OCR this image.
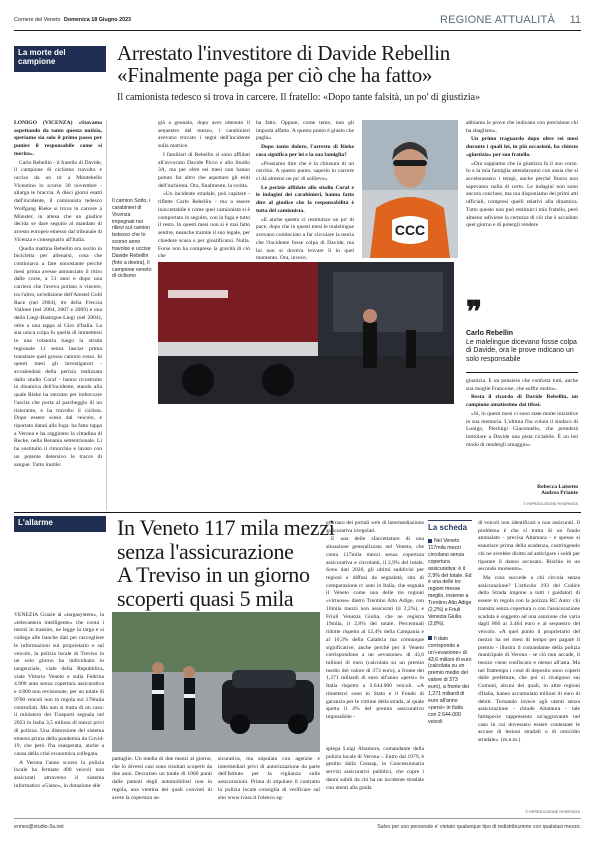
Corriere del Veneto Domenica 18 Giugno 2023	REGIONE ATTUALITÀ 11
La morte del campione	Arrestato l'investitore di Davide Rebellin
«Finalmente paga per ciò che ha fatto»
Il camionista tedesco si trova in carcere. Il fratello: «Dopo tante falsità, un po' di giustizia»

LONIGO (VICENZA) «Stavamo aspettando da tanto questa notizia, speriamo sia solo il primo passo per punire il responsabile come si merita».

Carlo Rebellin - il fratello di Davide, il campione di ciclismo travolto e ucciso da un tir a Montebello Vicentino lo scorso 30 novembre - allarga le braccia. A dieci giorni esatti dall'incidente, il camionista tedesco Wolfgang Rieke si trova in carcere a Münster, in attesa che un giudice decida se dare seguito al mandato di arresto europeo emesso dal tribunale di Vicenza e consegnarlo all'Italia.

Quella mattina Rebellin era uscito in bicicletta per allenarsi, cosa che continuava a fare nonostante perché mesi prima avesse annunciato il ritiro dalle corse, a 51 anni e dopo una carriera che l'aveva portato a vincere, tra l'altro, un'edizione dell'Amstel Gold Race (nel 2004), tre della Freccia Vallone (nel 2004, 2007 e 2009) e una della Liegi-Bastogne-Liegi (nel 2004), oltre a una tappa al Giro d'Italia. La sua unica colpa fu quella di immettersi in una rotatoria lungo la strada regionale 11 senza lasciar prima transitare quel grosso camion rosso. In questi mesi gli investigatori - avvalendosi della perizia realizzata dallo studio Coraf - hanno ricostruito la dinamica dell'incidente, stando alla quale Rieke ha sterzato per imboccare l'uscita che porta al parcheggio di un ristorante, e ha travolto il ciclista. Dopo essere sceso dal veicolo, e riportato danni alla fuga: ha fatto tappa a Verona e ha raggiunto la cittadina di Recke, nella Renania settentrionale. Lì ha sostituito il rimorchio e lavato con un potente detersivo le tracce di sangue. Tutto inutile:

Il camion Sotto, i carabinieri di Vicenza impegnati nei rilievi sul camion tedesco che lo scorso anno travolse e uccise Davide Rebellin (foto a destra), il campione veneto di ciclismo

già a gennaio, dopo aver ottenuto il sequestro del mezzo, i carabinieri avevano trovato i segni dell'incidente sulla motrice.

I familiari di Rebellin si sono affidati all'avvocato Davide Picco e allo Studio 3A, ma per oltre sei mesi non hanno potuto far altro che aspettare gli esiti dell'inchiesta. Ora, finalmente, la svolta.

«Un incidente stradale, può capitare - riflette Carlo Rebellin - ma a essere inaccettabile è come quel camionista si è comportato in seguito, con la fuga e tutto il resto. In questi mesi non si è mai fatto sentire, neanche tramite il suo legale, per chiedere scusa o per giustificarsi. Nulla. Forse non ha compreso la gravità di ciò che

ha fatto. Oppure, come temo, non gli importa affatto. A questo punto è giusto che paghi».

Dopo tanto dolore, l'arresto di Rieke cosa significa per lei e la sua famiglia?

«Possiamo dire che è la chiusura di un cerchio. A questo punto, saperlo in carcere ci dà almeno un po' di sollievo».

Le perizie affidate allo studio Coraf e le indagini dei carabinieri, hanno fatto dire al giudice che la responsabilità è tutta del camionista.

«E anche questo ci restituisce un po' di pace, dopo che in questi mesi le malelingue avevano cominciato a far circolare la teoria che l'incidente fosse colpa di Davide, ma lui non si doveva trovare lì in quel momento. Ora, invece,

CCC

abbiamo le prove che indicano con precisione chi ha sbagliato».

Un primo traguardo dopo oltre sei mesi durante i quali lei, in più occasioni, ha chiesto «giustizia» per suo fratello.

«Ora sappiamo che la giustizia fa il suo corso. Io e la mia famiglia attendavamo con ansia che si accelerassero i tempi, anche perché finora non sapevamo nulla di certo. Le indagini non sono ancora concluse, ma ora disponiamo dei primi atti ufficiali, compresi quelli relativi alla dinamica. Tutto questo non può restituirci mio fratello, però almeno adiviene la certezza di ciò che è accaduto quel giorno e di potergli rendere

❞
Carlo Rebellin
Le malelingue dicevano fosse colpa di Davide, ora le prove indicano un solo responsabile

giustizia. E un pensiero che conforta tutti, anche sua moglie Francoise, che soffre molto».

Resta il ricordo di Davide Rebellin, un campione amatissimo dai tifosi.

«Sì, in questi mesi ci sono state molte iniziative in sua memoria. L'ultima l'ha voluta il sindaco di Lonigo, Pierluigi Giacomello, che prenderà intitolare a Davide una pista ciclabile. È un bel modo di rendergli omaggio».

Rebecca Luisetto
Andrea Priante
© RIPRODUZIONE RISERVATA
L'allarme	In Veneto 117 mila mezzi
senza l'assicurazione
A Treviso in un giorno
scoperti quasi 5 mila

VENEZIA Grazie al «targasystem», la «telecamera intelligente» che conta i mezzi in transito, ne legge la targa e si collega alle banche dati per raccogliere le informazioni sul proprietario e sul veicolo, la polizia locale di Treviso in un solo giorno ha individuato in tangenziale, viale della Repubblica, viale Vittorio Veneto e sulla Feltrina 4.900 auto senza copertura assicurativa e 4.800 non revisionate, per un totale di 9700 veicoli non in regola sui 178mila controllati. Ma non si tratta di un caso: il ministero dei Trasporti segnala nel 2023 in Italia 3,5 milioni di mezzi privi di polizza. Una distorsione del sistema emersa prima della pandemia da Covid-19, che però l'ha esasperata, anche a causa della crisi economica collegata.

A Verona l'anno scorso la polizia locale ha fermato 400 veicoli non assicurati attraverso il sistema informatico «Giano», in dotazione alle

pattuglie. Un media di due mezzi al giorno, che lo diversi casi sono risultati scoperti da due anni. Decurtato un totale di 1000 punti dalle patenti degli automobilisti non in regola, una ventina dei quali convinti di avere la copertura as-

sicurativa, ma stipulata con agenzie e intermediari privi di autorizzazione da parte dell'Istituto per la vigilanza sulle assicurazioni. Prima di stipulare il contratto la polizia locale consiglia di verificare sul sito www.ivass.it l'elenco ag-

giornato dei portali web di intermediazione assicurativa irregolari.

E una delle sfaccettature di una situazione generalizzata nel Veneto, che conta 117mila mezzi senza copertura assicurativa e circolanti, il 2,9% del totale. Sono dati 2020, gli ultimi suddivisi per regioni e diffusi da segnaletà, sito di comparazione rc auto in Italia, che segnala il Veneto come una delle tre regioni «virtuose» dietro Trentino Alto Adige, con 10mila mezzi non assicurati (il 2,2%), e Friuli Venezia Giulia, che ne registra 19mila, il 2,8% del totale. Percentuali ridotte rispetto al 12,4% della Campania e al 10,3% della Calabria ma comunque significative, anche perché per il Veneto corrispondono a un «evasione» di 43,6 milioni di euro (calcolata su un premio medio del valore di 373 euro), a fronte dei 1,271 miliardi di euro all'anno «persi» in Italia rispetto a 2.644.000 veicoli. «A rimetterci sono lo Stato e il Fondo di garanzia per le vittime della strada, al quale spetta il 4% del premio assicurativo impossibile -

spiega Luigi Altamura, comandante della polizia locale di Verona -. Entro dal 1979, è gestito dalla Consap, la Concessionaria servizi assicurativi pubblici, che copre i danni subiti da chi ha un incidente stradale con utenti alla guida

La scheda
Nel Veneto 117mila mezzi circolano senza copertura assicurativa: è il 2,9% del totale. Ed è una delle tre regioni messe meglio, insieme a Trentino Alto Adige (2,2%) e Friuli Venezia Giulia (2,8%).
Il dato corrisponde a un'«evasione» di 43,6 milioni di euro (calcolata su un premio medio del valore di 373 euro), a fronte dei 1,271 miliardi di euro all'anno «persi» in Italia con 2.644.000 veicoli

di veicoli non identificati o non assicurati. Il problema è che si tratta di un fondo ammalato - precisa Altamura - e spesso si esaurisce prima della scadenza, costringendo chi ne avrebbe diritto ad anticipare i soldi per riparare il danno accusato. Rischio in un secondo momento».

Ma cosa succede a chi circola senza assicurazione? L'articolo 193 del Codice della Strada impone a tutti i guidatori di essere in regola con la polizza RC Auto: chi transita senza copertura o con l'assicurazione scaduta è soggetto ad una sanzione che varia dagli 866 ai 3.464 euro e al sequestro del veicolo. «A quel punto il proprietario del mezzo ha sei mesi di tempo per pagare il premio - illustra il comandante della polizia municipale di Verona - se ciò non accade, il mezzo viene confiscato e messo all'asta. Ma nel frattempo i costi di deposito sono coperti dalle prefetture, che poi si rivalgono sui Comuni, alcuni dei quali, in altre regioni d'Italia, hanno accumulato milioni di euro di debiti. Tornando invece agli utenti senza assicurazione - chiude Altamura - tale fattispecie rappresenta un'aggravante nel caso in cui dovessero essere contestate le accuse di lesioni stradali o di omicidio stradale». (m.n.m.)

© RIPRODUZIONE RISERVATA
ermes@studio-3a.net	Salvo per uso personale e' vietato qualunque tipo di redistribuzione con qualsiasi mezzo.
